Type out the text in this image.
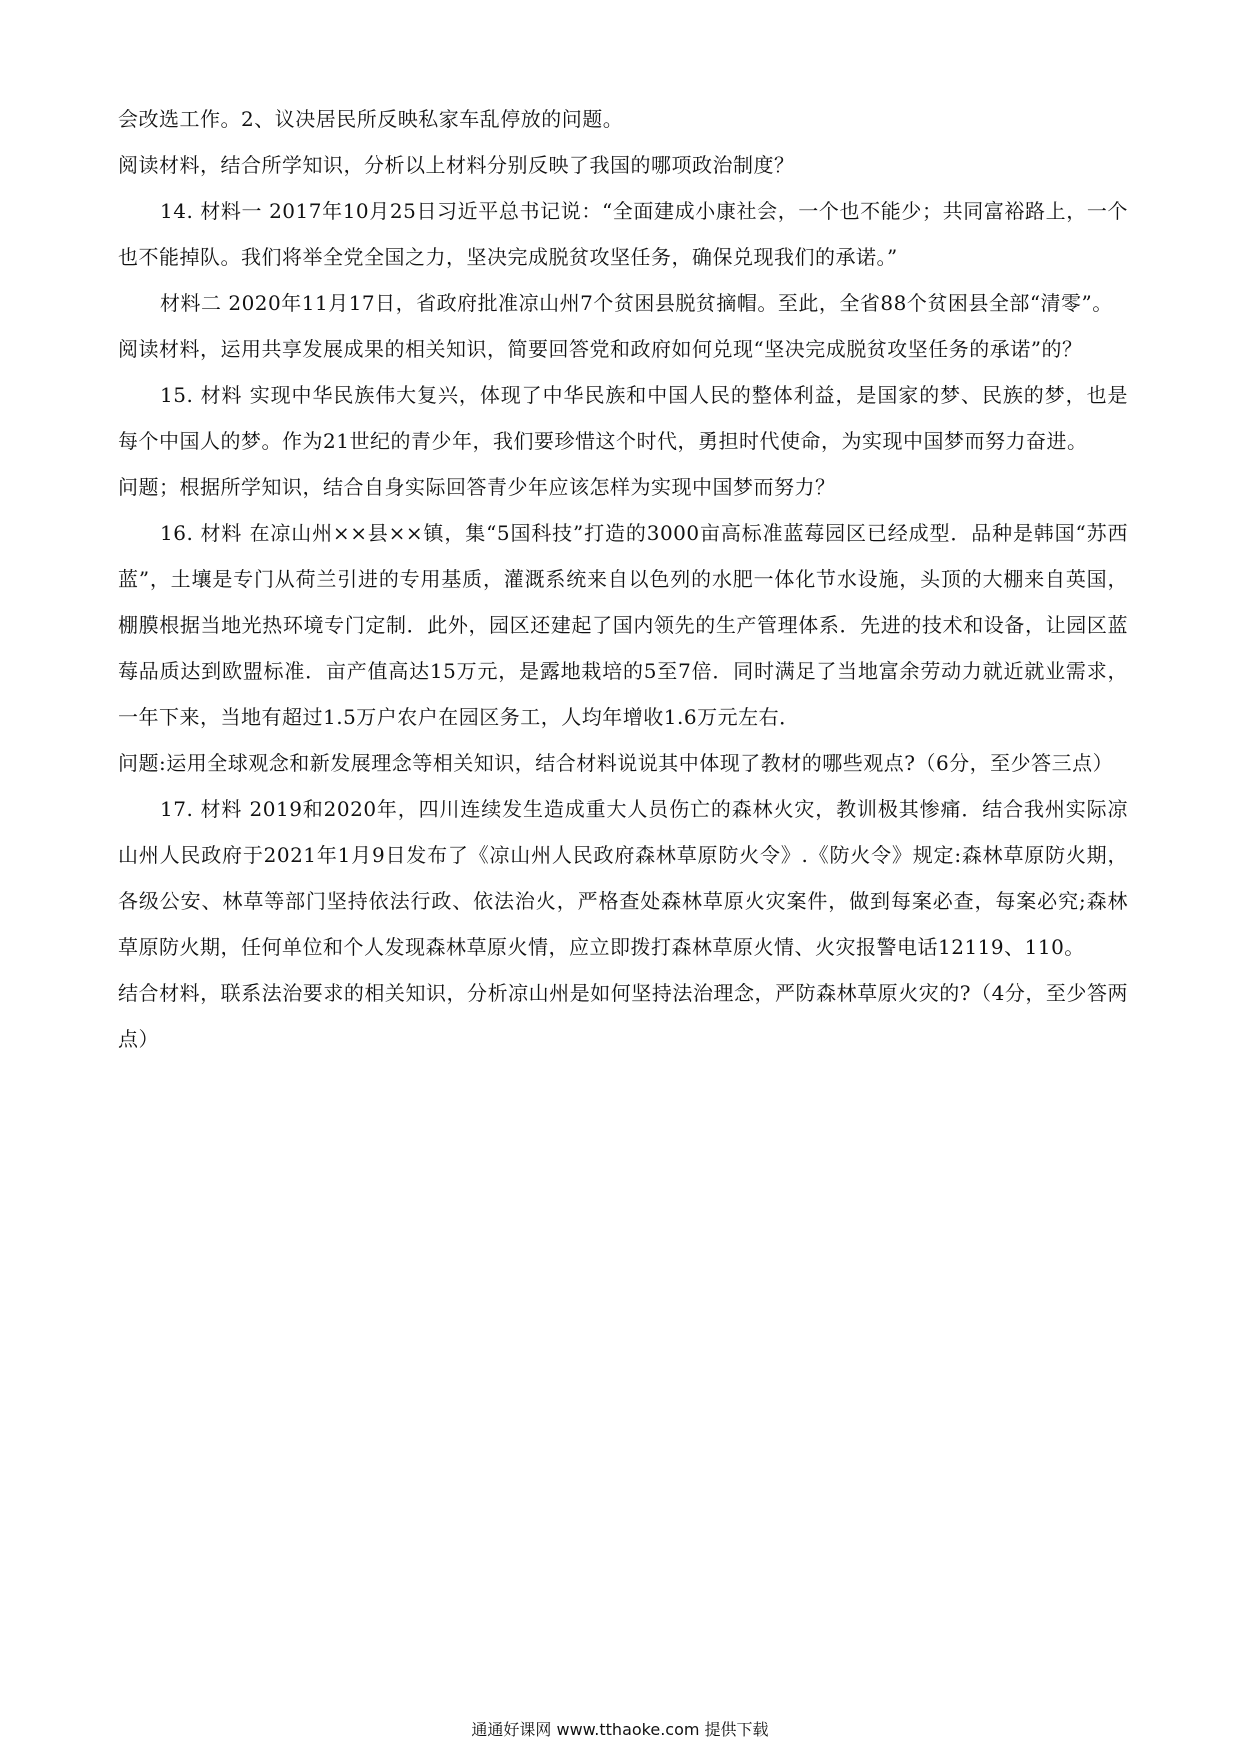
会改选工作。2、议决居民所反映私家车乱停放的问题。

阅读材料，结合所学知识，分析以上材料分别反映了我国的哪项政治制度？

14. 材料一 2017年10月25日习近平总书记说：“全面建成小康社会，一个也不能少；共同富裕路上，一个也不能掉队。我们将举全党全国之力，坚决完成脱贫攻坚任务，确保兑现我们的承诺。”

材料二 2020年11月17日，省政府批准凉山州7个贫困县脱贫摘帽。至此，全省88个贫困县全部“清零”。

阅读材料，运用共享发展成果的相关知识，简要回答党和政府如何兑现“坚决完成脱贫攻坚任务的承诺”的？

15. 材料 实现中华民族伟大复兴，体现了中华民族和中国人民的整体利益，是国家的梦、民族的梦，也是每个中国人的梦。作为21世纪的青少年，我们要珍惜这个时代，勇担时代使命，为实现中国梦而努力奋进。

问题；根据所学知识，结合自身实际回答青少年应该怎样为实现中国梦而努力？

16. 材料 在凉山州××县××镇，集“5国科技”打造的3000亩高标准蓝莓园区已经成型．品种是韩国“苏西蓝”，土壤是专门从荷兰引进的专用基质，灌溉系统来自以色列的水肥一体化节水设施，头顶的大棚来自英国，棚膜根据当地光热环境专门定制．此外，园区还建起了国内领先的生产管理体系．先进的技术和设备，让园区蓝莓品质达到欧盟标准．亩产值高达15万元，是露地栽培的5至7倍．同时满足了当地富余劳动力就近就业需求，一年下来，当地有超过1.5万户农户在园区务工，人均年增收1.6万元左右．

问题:运用全球观念和新发展理念等相关知识，结合材料说说其中体现了教材的哪些观点?（6分，至少答三点）

17. 材料 2019和2020年，四川连续发生造成重大人员伤亡的森林火灾，教训极其惨痛．结合我州实际凉山州人民政府于2021年1月9日发布了《凉山州人民政府森林草原防火令》.《防火令》规定:森林草原防火期，各级公安、林草等部门坚持依法行政、依法治火，严格查处森林草原火灾案件，做到每案必查，每案必究;森林草原防火期，任何单位和个人发现森林草原火情，应立即拨打森林草原火情、火灾报警电话12119、110。

结合材料，联系法治要求的相关知识，分析凉山州是如何坚持法治理念，严防森林草原火灾的?（4分，至少答两点）

通通好课网 www.tthaoke.com 提供下载
